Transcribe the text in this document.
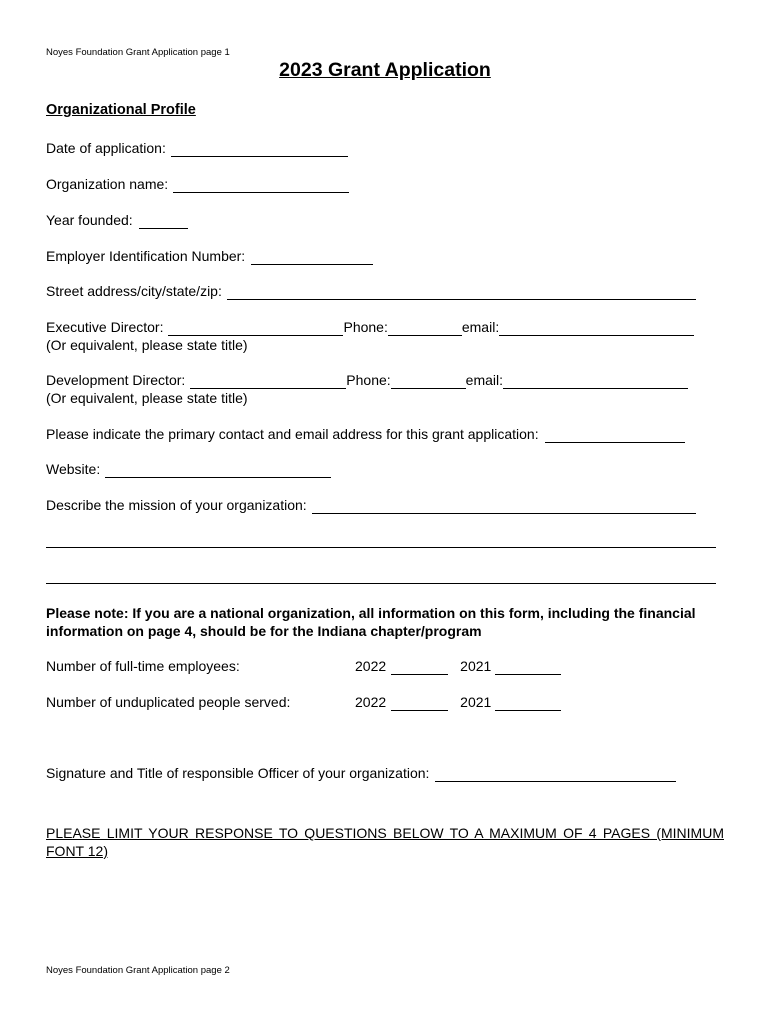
Noyes Foundation Grant Application page 1
2023 Grant Application
Organizational Profile
Date of application:
Organization name:
Year founded:
Employer Identification Number:
Street address/city/state/zip:
Executive Director:	Phone:	email:
(Or equivalent, please state title)
Development Director:	Phone:	email:
(Or equivalent, please state title)
Please indicate the primary contact and email address for this grant application:
Website:
Describe the mission of your organization:
Please note: If you are a national organization, all information on this form, including the financial information on page 4, should be for the Indiana chapter/program
Number of full-time employees:	2022	2021
Number of unduplicated people served:	2022	2021
Signature and Title of responsible Officer of your organization:
PLEASE LIMIT YOUR RESPONSE TO QUESTIONS BELOW TO A MAXIMUM OF 4 PAGES (MINIMUM FONT 12)
Noyes Foundation Grant Application page 2
